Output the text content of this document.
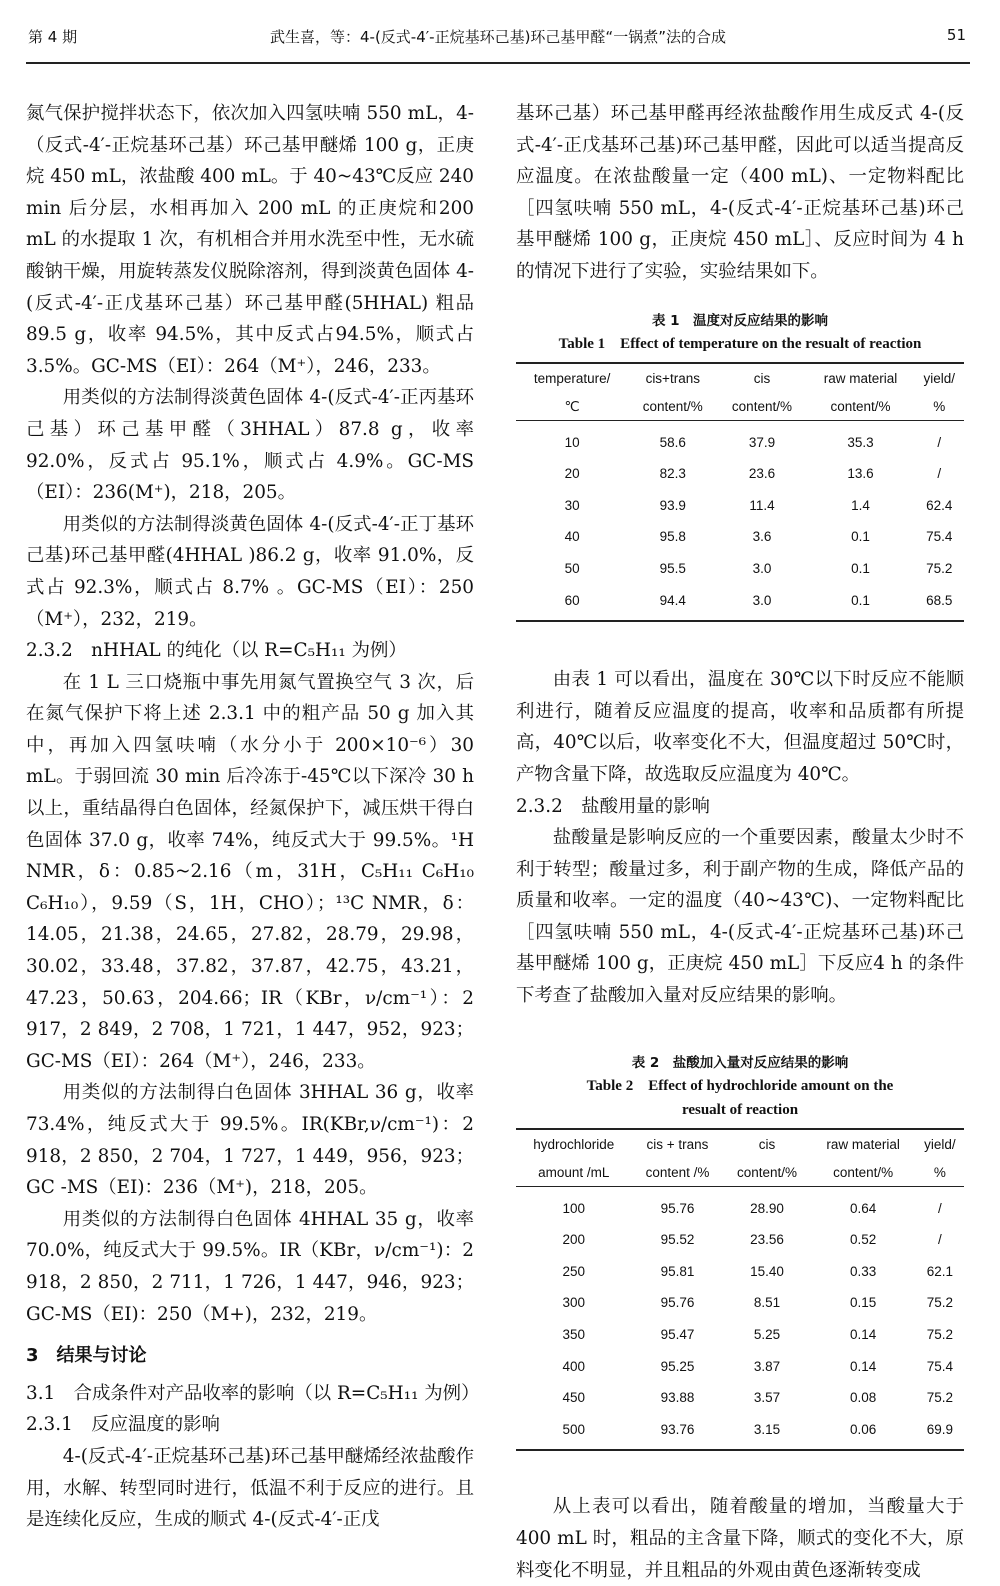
第 4 期	武生喜，等：4-(反式-4′-正烷基环己基)环己基甲醛“一锅煮”法的合成	51

氮气保护搅拌状态下，依次加入四氢呋喃 550 mL，4-（反式-4′-正烷基环己基）环己基甲醚烯 100 g，正庚烷 450 mL，浓盐酸 400 mL。于 40~43℃反应 240 min 后分层，水相再加入 200 mL 的正庚烷和200 mL 的水提取 1 次，有机相合并用水洗至中性，无水硫酸钠干燥，用旋转蒸发仪脱除溶剂，得到淡黄色固体 4-(反式-4′-正戊基环己基）环己基甲醛(5HHAL) 粗品 89.5 g，收率 94.5%，其中反式占94.5%，顺式占3.5%。GC-MS（EI）：264（M⁺），246，233。

用类似的方法制得淡黄色固体 4-(反式-4′-正丙基环己基）环己基甲醛（3HHAL）87.8 g，收率 92.0%，反式占 95.1%，顺式占 4.9%。GC-MS（EI）：236(M⁺)，218，205。

用类似的方法制得淡黄色固体 4-(反式-4′-正丁基环己基)环己基甲醛(4HHAL )86.2 g，收率 91.0%，反式占 92.3%，顺式占 8.7% 。GC-MS（EI）：250（M⁺），232，219。

2.3.2　nHHAL 的纯化（以 R=C₅H₁₁ 为例）

在 1 L 三口烧瓶中事先用氮气置换空气 3 次，后在氮气保护下将上述 2.3.1 中的粗产品 50 g 加入其中，再加入四氢呋喃（水分小于 200×10⁻⁶）30 mL。于弱回流 30 min 后冷冻于-45℃以下深冷 30 h 以上，重结晶得白色固体，经氮保护下，减压烘干得白色固体 37.0 g，收率 74%，纯反式大于 99.5%。¹H NMR，δ：0.85~2.16（m，31H，C₅H₁₁ C₆H₁₀ C₆H₁₀），9.59（S，1H，CHO）；¹³C NMR，δ：14.05，21.38，24.65，27.82，28.79，29.98，30.02，33.48，37.82，37.87，42.75，43.21，47.23，50.63，204.66；IR（KBr，ν/cm⁻¹）：2 917，2 849，2 708，1 721，1 447，952，923；GC-MS（EI）：264（M⁺），246，233。

用类似的方法制得白色固体 3HHAL 36 g，收率 73.4%，纯反式大于 99.5%。IR(KBr,ν/cm⁻¹)：2 918，2 850，2 704，1 727，1 449，956，923；GC -MS（EI)：236（M⁺)，218，205。

用类似的方法制得白色固体 4HHAL 35 g，收率 70.0%，纯反式大于 99.5%。IR（KBr，ν/cm⁻¹)：2 918，2 850，2 711，1 726，1 447，946，923；GC-MS（EI)：250（M+)，232，219。

3　结果与讨论

3.1　合成条件对产品收率的影响（以 R=C₅H₁₁ 为例）

2.3.1　反应温度的影响

4-(反式-4′-正烷基环己基)环己基甲醚烯经浓盐酸作用，水解、转型同时进行，低温不利于反应的进行。且是连续化反应，生成的顺式 4-(反式-4′-正戊

基环己基）环己基甲醛再经浓盐酸作用生成反式 4-(反式-4′-正戊基环己基)环己基甲醛，因此可以适当提高反应温度。在浓盐酸量一定（400 mL)、一定物料配比［四氢呋喃 550 mL，4-(反式-4′-正烷基环己基)环己基甲醚烯 100 g，正庚烷 450 mL］、反应时间为 4 h 的情况下进行了实验，实验结果如下。

表 1　温度对反应结果的影响
Table 1　Effect of temperature on the resualt of reaction
temperature/	cis+trans	cis	raw material	yield/
℃	content/%	content/%	content/%	%
10	58.6	37.9	35.3	/
20	82.3	23.6	13.6	/
30	93.9	11.4	1.4	62.4
40	95.8	3.6	0.1	75.4
50	95.5	3.0	0.1	75.2
60	94.4	3.0	0.1	68.5

由表 1 可以看出，温度在 30℃以下时反应不能顺利进行，随着反应温度的提高，收率和品质都有所提高，40℃以后，收率变化不大，但温度超过 50℃时，产物含量下降，故选取反应温度为 40℃。

2.3.2　盐酸用量的影响

盐酸量是影响反应的一个重要因素，酸量太少时不利于转型；酸量过多，利于副产物的生成，降低产品的质量和收率。一定的温度（40~43℃)、一定物料配比［四氢呋喃 550 mL，4-(反式-4′-正烷基环己基)环己基甲醚烯 100 g，正庚烷 450 mL］下反应4 h 的条件下考查了盐酸加入量对反应结果的影响。

表 2　盐酸加入量对反应结果的影响
Table 2　Effect of hydrochloride amount on the
resualt of reaction
hydrochloride	cis + trans	cis	raw material	yield/
amount /mL	content /%	content/%	content/%	%
100	95.76	28.90	0.64	/
200	95.52	23.56	0.52	/
250	95.81	15.40	0.33	62.1
300	95.76	8.51	0.15	75.2
350	95.47	5.25	0.14	75.2
400	95.25	3.87	0.14	75.4
450	93.88	3.57	0.08	75.2
500	93.76	3.15	0.06	69.9

从上表可以看出，随着酸量的增加，当酸量大于 400 mL 时，粗品的主含量下降，顺式的变化不大，原料变化不明显，并且粗品的外观由黄色逐渐转变成
